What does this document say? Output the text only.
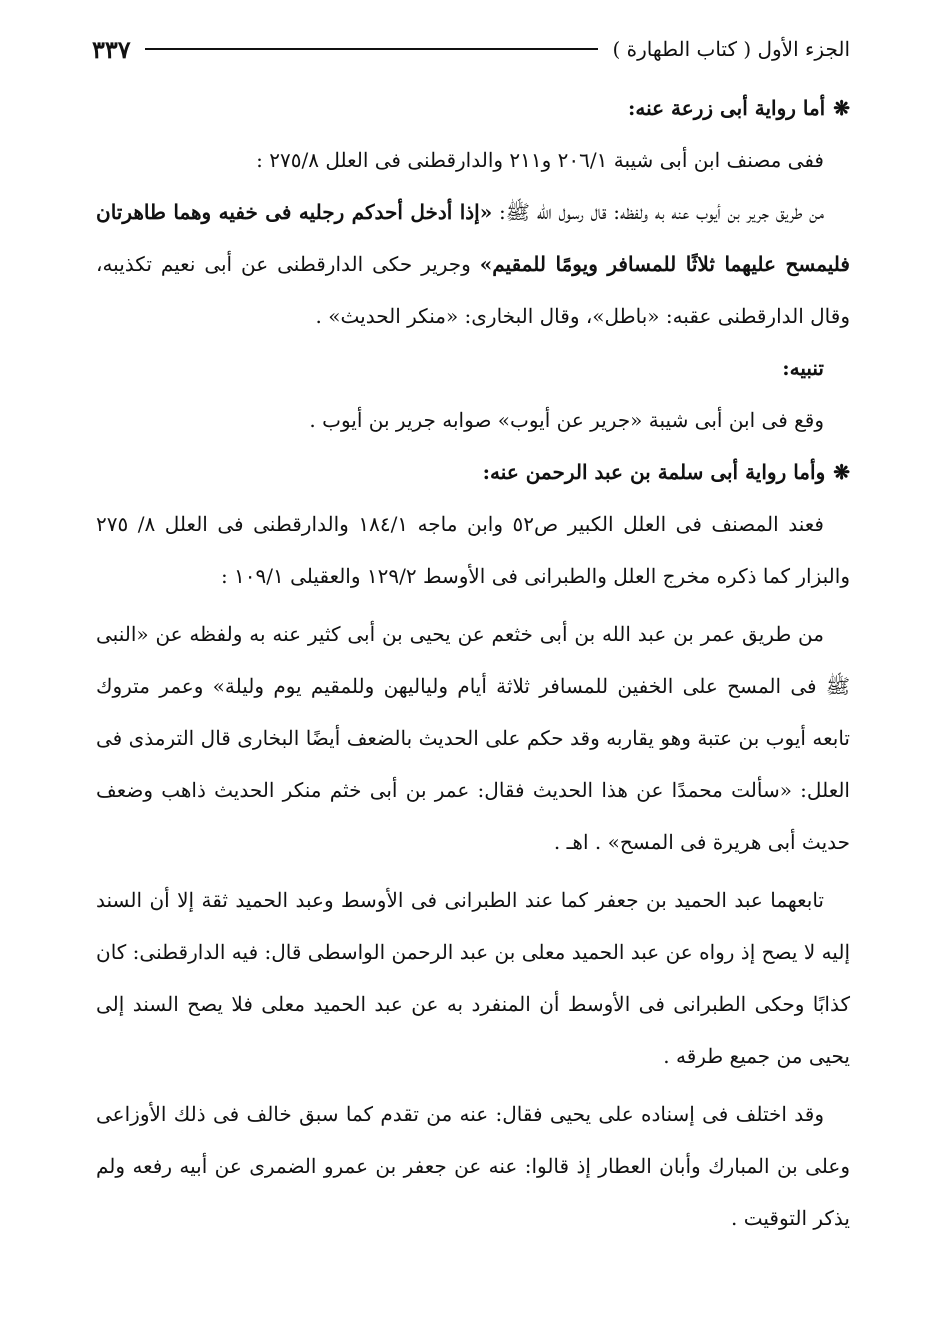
الجزء الأول ( كتاب الطهارة )
٣٣٧

❋أما رواية أبى زرعة عنه:

ففى مصنف ابن أبى شيبة ٢٠٦/١ و٢١١ والدارقطنى فى العلل ٢٧٥/٨ :

من طريق جرير بن أيوب عنه به ولفظه: قال رسول الله ﷺ: «إذا أدخل أحدكم رجليه فى خفيه وهما طاهرتان فليمسح عليهما ثلاثًا للمسافر ويومًا للمقيم» وجرير حكى الدارقطنى عن أبى نعيم تكذيبه، وقال الدارقطنى عقبه: «باطل»، وقال البخارى: «منكر الحديث» .

تنبيه:

وقع فى ابن أبى شيبة «جرير عن أيوب» صوابه جرير بن أيوب .

❋وأما رواية أبى سلمة بن عبد الرحمن عنه:

فعند المصنف فى العلل الكبير ص٥٢ وابن ماجه ١٨٤/١ والدارقطنى فى العلل ٨/ ٢٧٥ والبزار كما ذكره مخرج العلل والطبرانى فى الأوسط ١٢٩/٢ والعقيلى ١٠٩/١ :

من طريق عمر بن عبد الله بن أبى خثعم عن يحيى بن أبى كثير عنه به ولفظه عن «النبى ﷺ فى المسح على الخفين للمسافر ثلاثة أيام ولياليهن وللمقيم يوم وليلة» وعمر متروك تابعه أيوب بن عتبة وهو يقاربه وقد حكم على الحديث بالضعف أيضًا البخارى قال الترمذى فى العلل: «سألت محمدًا عن هذا الحديث فقال: عمر بن أبى خثم منكر الحديث ذاهب وضعف حديث أبى هريرة فى المسح» . اهـ .

تابعهما عبد الحميد بن جعفر كما عند الطبرانى فى الأوسط وعبد الحميد ثقة إلا أن السند إليه لا يصح إذ رواه عن عبد الحميد معلى بن عبد الرحمن الواسطى قال: فيه الدارقطنى: كان كذابًا وحكى الطبرانى فى الأوسط أن المنفرد به عن عبد الحميد معلى فلا يصح السند إلى يحيى من جميع طرقه .

وقد اختلف فى إسناده على يحيى فقال: عنه من تقدم كما سبق خالف فى ذلك الأوزاعى وعلى بن المبارك وأبان العطار إذ قالوا: عنه عن جعفر بن عمرو الضمرى عن أبيه رفعه ولم يذكر التوقيت .
